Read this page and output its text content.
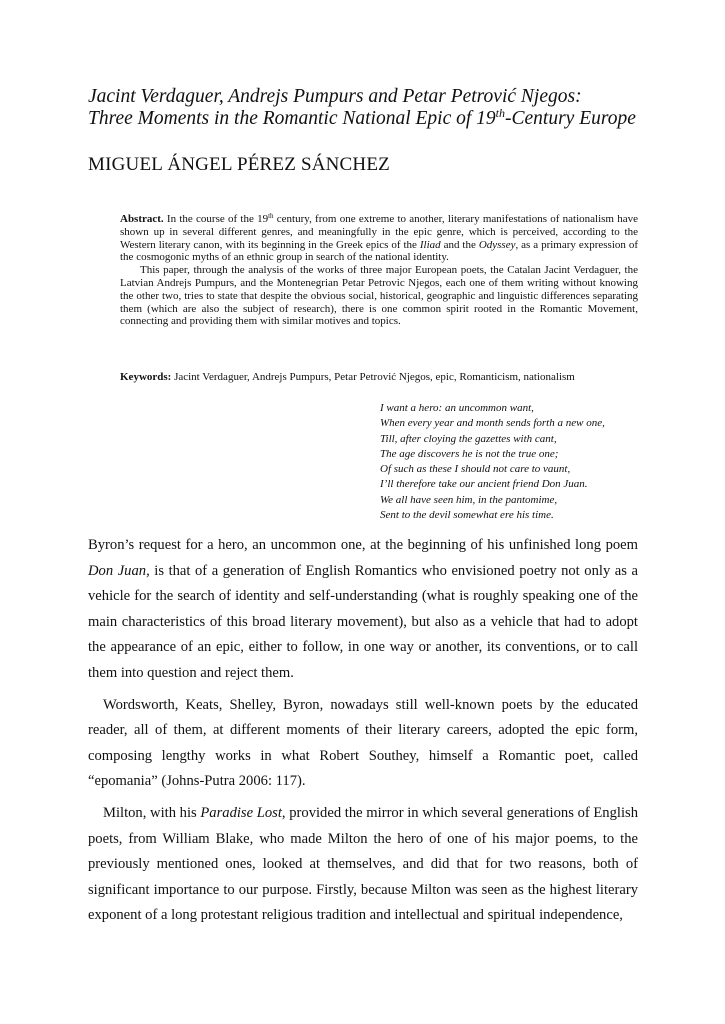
Jacint Verdaguer, Andrejs Pumpurs and Petar Petrović Njegos:

Three Moments in the Romantic National Epic of 19th-Century Europe

MIGUEL ÁNGEL PÉREZ SÁNCHEZ

Abstract. In the course of the 19th century, from one extreme to another, literary manifestations of nationalism have shown up in several different genres, and meaningfully in the epic genre, which is perceived, according to the Western literary canon, with its beginning in the Greek epics of the Iliad and the Odyssey, as a primary expression of the cosmogonic myths of an ethnic group in search of the national identity.

This paper, through the analysis of the works of three major European poets, the Catalan Jacint Verdaguer, the Latvian Andrejs Pumpurs, and the Montenegrian Petar Petrovic Njegos, each one of them writing without knowing the other two, tries to state that despite the obvious social, historical, geographic and linguistic differences separating them (which are also the subject of research), there is one common spirit rooted in the Romantic Movement, connecting and providing them with similar motives and topics.

Keywords: Jacint Verdaguer, Andrejs Pumpurs, Petar Petrović Njegos, epic, Romanticism, nationalism
I want a hero: an uncommon want,
When every year and month sends forth a new one,
Till, after cloying the gazettes with cant,
The age discovers he is not the true one;
Of such as these I should not care to vaunt,
I’ll therefore take our ancient friend Don Juan.
We all have seen him, in the pantomime,
Sent to the devil somewhat ere his time.

Byron’s request for a hero, an uncommon one, at the beginning of his unfinished long poem Don Juan, is that of a generation of English Romantics who envisioned poetry not only as a vehicle for the search of identity and self-understanding (what is roughly speaking one of the main characteristics of this broad literary movement), but also as a vehicle that had to adopt the appearance of an epic, either to follow, in one way or another, its conventions, or to call them into question and reject them.

Wordsworth, Keats, Shelley, Byron, nowadays still well-known poets by the educated reader, all of them, at different moments of their literary careers, adopted the epic form, composing lengthy works in what Robert Southey, himself a Romantic poet, called “epomania” (Johns-Putra 2006: 117).

Milton, with his Paradise Lost, provided the mirror in which several generations of English poets, from William Blake, who made Milton the hero of one of his major poems, to the previously mentioned ones, looked at themselves, and did that for two reasons, both of significant importance to our purpose. Firstly, because Milton was seen as the highest literary exponent of a long protestant religious tradition and intellectual and spiritual independence,
